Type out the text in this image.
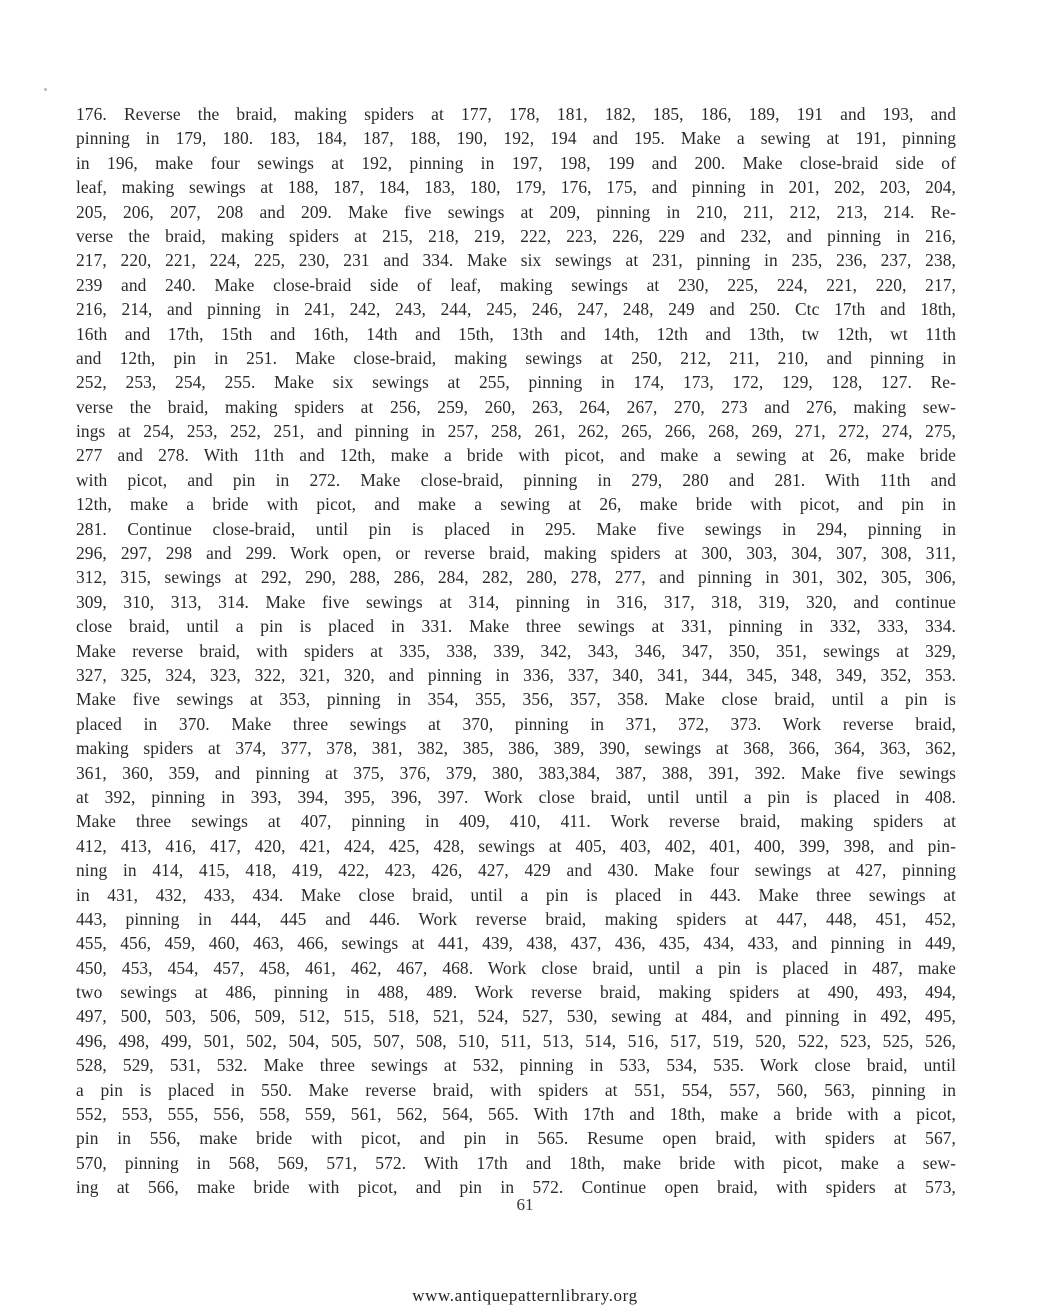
176. Reverse the braid, making spiders at 177, 178, 181, 182, 185, 186, 189, 191 and 193, and
pinning in 179, 180. 183, 184, 187, 188, 190, 192, 194 and 195. Make a sewing at 191, pinning
in 196, make four sewings at 192, pinning in 197, 198, 199 and 200. Make close-braid side of
leaf, making sewings at 188, 187, 184, 183, 180, 179, 176, 175, and pinning in 201, 202, 203, 204,
205, 206, 207, 208 and 209. Make five sewings at 209, pinning in 210, 211, 212, 213, 214. Re-
verse the braid, making spiders at 215, 218, 219, 222, 223, 226, 229 and 232, and pinning in 216,
217, 220, 221, 224, 225, 230, 231 and 334. Make six sewings at 231, pinning in 235, 236, 237, 238,
239 and 240. Make close-braid side of leaf, making sewings at 230, 225, 224, 221, 220, 217,
216, 214, and pinning in 241, 242, 243, 244, 245, 246, 247, 248, 249 and 250. Ctc 17th and 18th,
16th and 17th, 15th and 16th, 14th and 15th, 13th and 14th, 12th and 13th, tw 12th, wt 11th
and 12th, pin in 251. Make close-braid, making sewings at 250, 212, 211, 210, and pinning in
252, 253, 254, 255. Make six sewings at 255, pinning in 174, 173, 172, 129, 128, 127. Re-
verse the braid, making spiders at 256, 259, 260, 263, 264, 267, 270, 273 and 276, making sew-
ings at 254, 253, 252, 251, and pinning in 257, 258, 261, 262, 265, 266, 268, 269, 271, 272, 274, 275,
277 and 278. With 11th and 12th, make a bride with picot, and make a sewing at 26, make bride
with picot, and pin in 272. Make close-braid, pinning in 279, 280 and 281. With 11th and
12th, make a bride with picot, and make a sewing at 26, make bride with picot, and pin in
281. Continue close-braid, until pin is placed in 295. Make five sewings in 294, pinning in
296, 297, 298 and 299. Work open, or reverse braid, making spiders at 300, 303, 304, 307, 308, 311,
312, 315, sewings at 292, 290, 288, 286, 284, 282, 280, 278, 277, and pinning in 301, 302, 305, 306,
309, 310, 313, 314. Make five sewings at 314, pinning in 316, 317, 318, 319, 320, and continue
close braid, until a pin is placed in 331. Make three sewings at 331, pinning in 332, 333, 334.
Make reverse braid, with spiders at 335, 338, 339, 342, 343, 346, 347, 350, 351, sewings at 329,
327, 325, 324, 323, 322, 321, 320, and pinning in 336, 337, 340, 341, 344, 345, 348, 349, 352, 353.
Make five sewings at 353, pinning in 354, 355, 356, 357, 358. Make close braid, until a pin is
placed in 370. Make three sewings at 370, pinning in 371, 372, 373. Work reverse braid,
making spiders at 374, 377, 378, 381, 382, 385, 386, 389, 390, sewings at 368, 366, 364, 363, 362,
361, 360, 359, and pinning at 375, 376, 379, 380, 383,384, 387, 388, 391, 392. Make five sewings
at 392, pinning in 393, 394, 395, 396, 397. Work close braid, until until a pin is placed in 408.
Make three sewings at 407, pinning in 409, 410, 411. Work reverse braid, making spiders at
412, 413, 416, 417, 420, 421, 424, 425, 428, sewings at 405, 403, 402, 401, 400, 399, 398, and pin-
ning in 414, 415, 418, 419, 422, 423, 426, 427, 429 and 430. Make four sewings at 427, pinning
in 431, 432, 433, 434. Make close braid, until a pin is placed in 443. Make three sewings at
443, pinning in 444, 445 and 446. Work reverse braid, making spiders at 447, 448, 451, 452,
455, 456, 459, 460, 463, 466, sewings at 441, 439, 438, 437, 436, 435, 434, 433, and pinning in 449,
450, 453, 454, 457, 458, 461, 462, 467, 468. Work close braid, until a pin is placed in 487, make
two sewings at 486, pinning in 488, 489. Work reverse braid, making spiders at 490, 493, 494,
497, 500, 503, 506, 509, 512, 515, 518, 521, 524, 527, 530, sewing at 484, and pinning in 492, 495,
496, 498, 499, 501, 502, 504, 505, 507, 508, 510, 511, 513, 514, 516, 517, 519, 520, 522, 523, 525, 526,
528, 529, 531, 532. Make three sewings at 532, pinning in 533, 534, 535. Work close braid, until
a pin is placed in 550. Make reverse braid, with spiders at 551, 554, 557, 560, 563, pinning in
552, 553, 555, 556, 558, 559, 561, 562, 564, 565. With 17th and 18th, make a bride with a picot,
pin in 556, make bride with picot, and pin in 565. Resume open braid, with spiders at 567,
570, pinning in 568, 569, 571, 572. With 17th and 18th, make bride with picot, make a sew-
ing at 566, make bride with picot, and pin in 572. Continue open braid, with spiders at 573,
61
www.antiquepatternlibrary.org
